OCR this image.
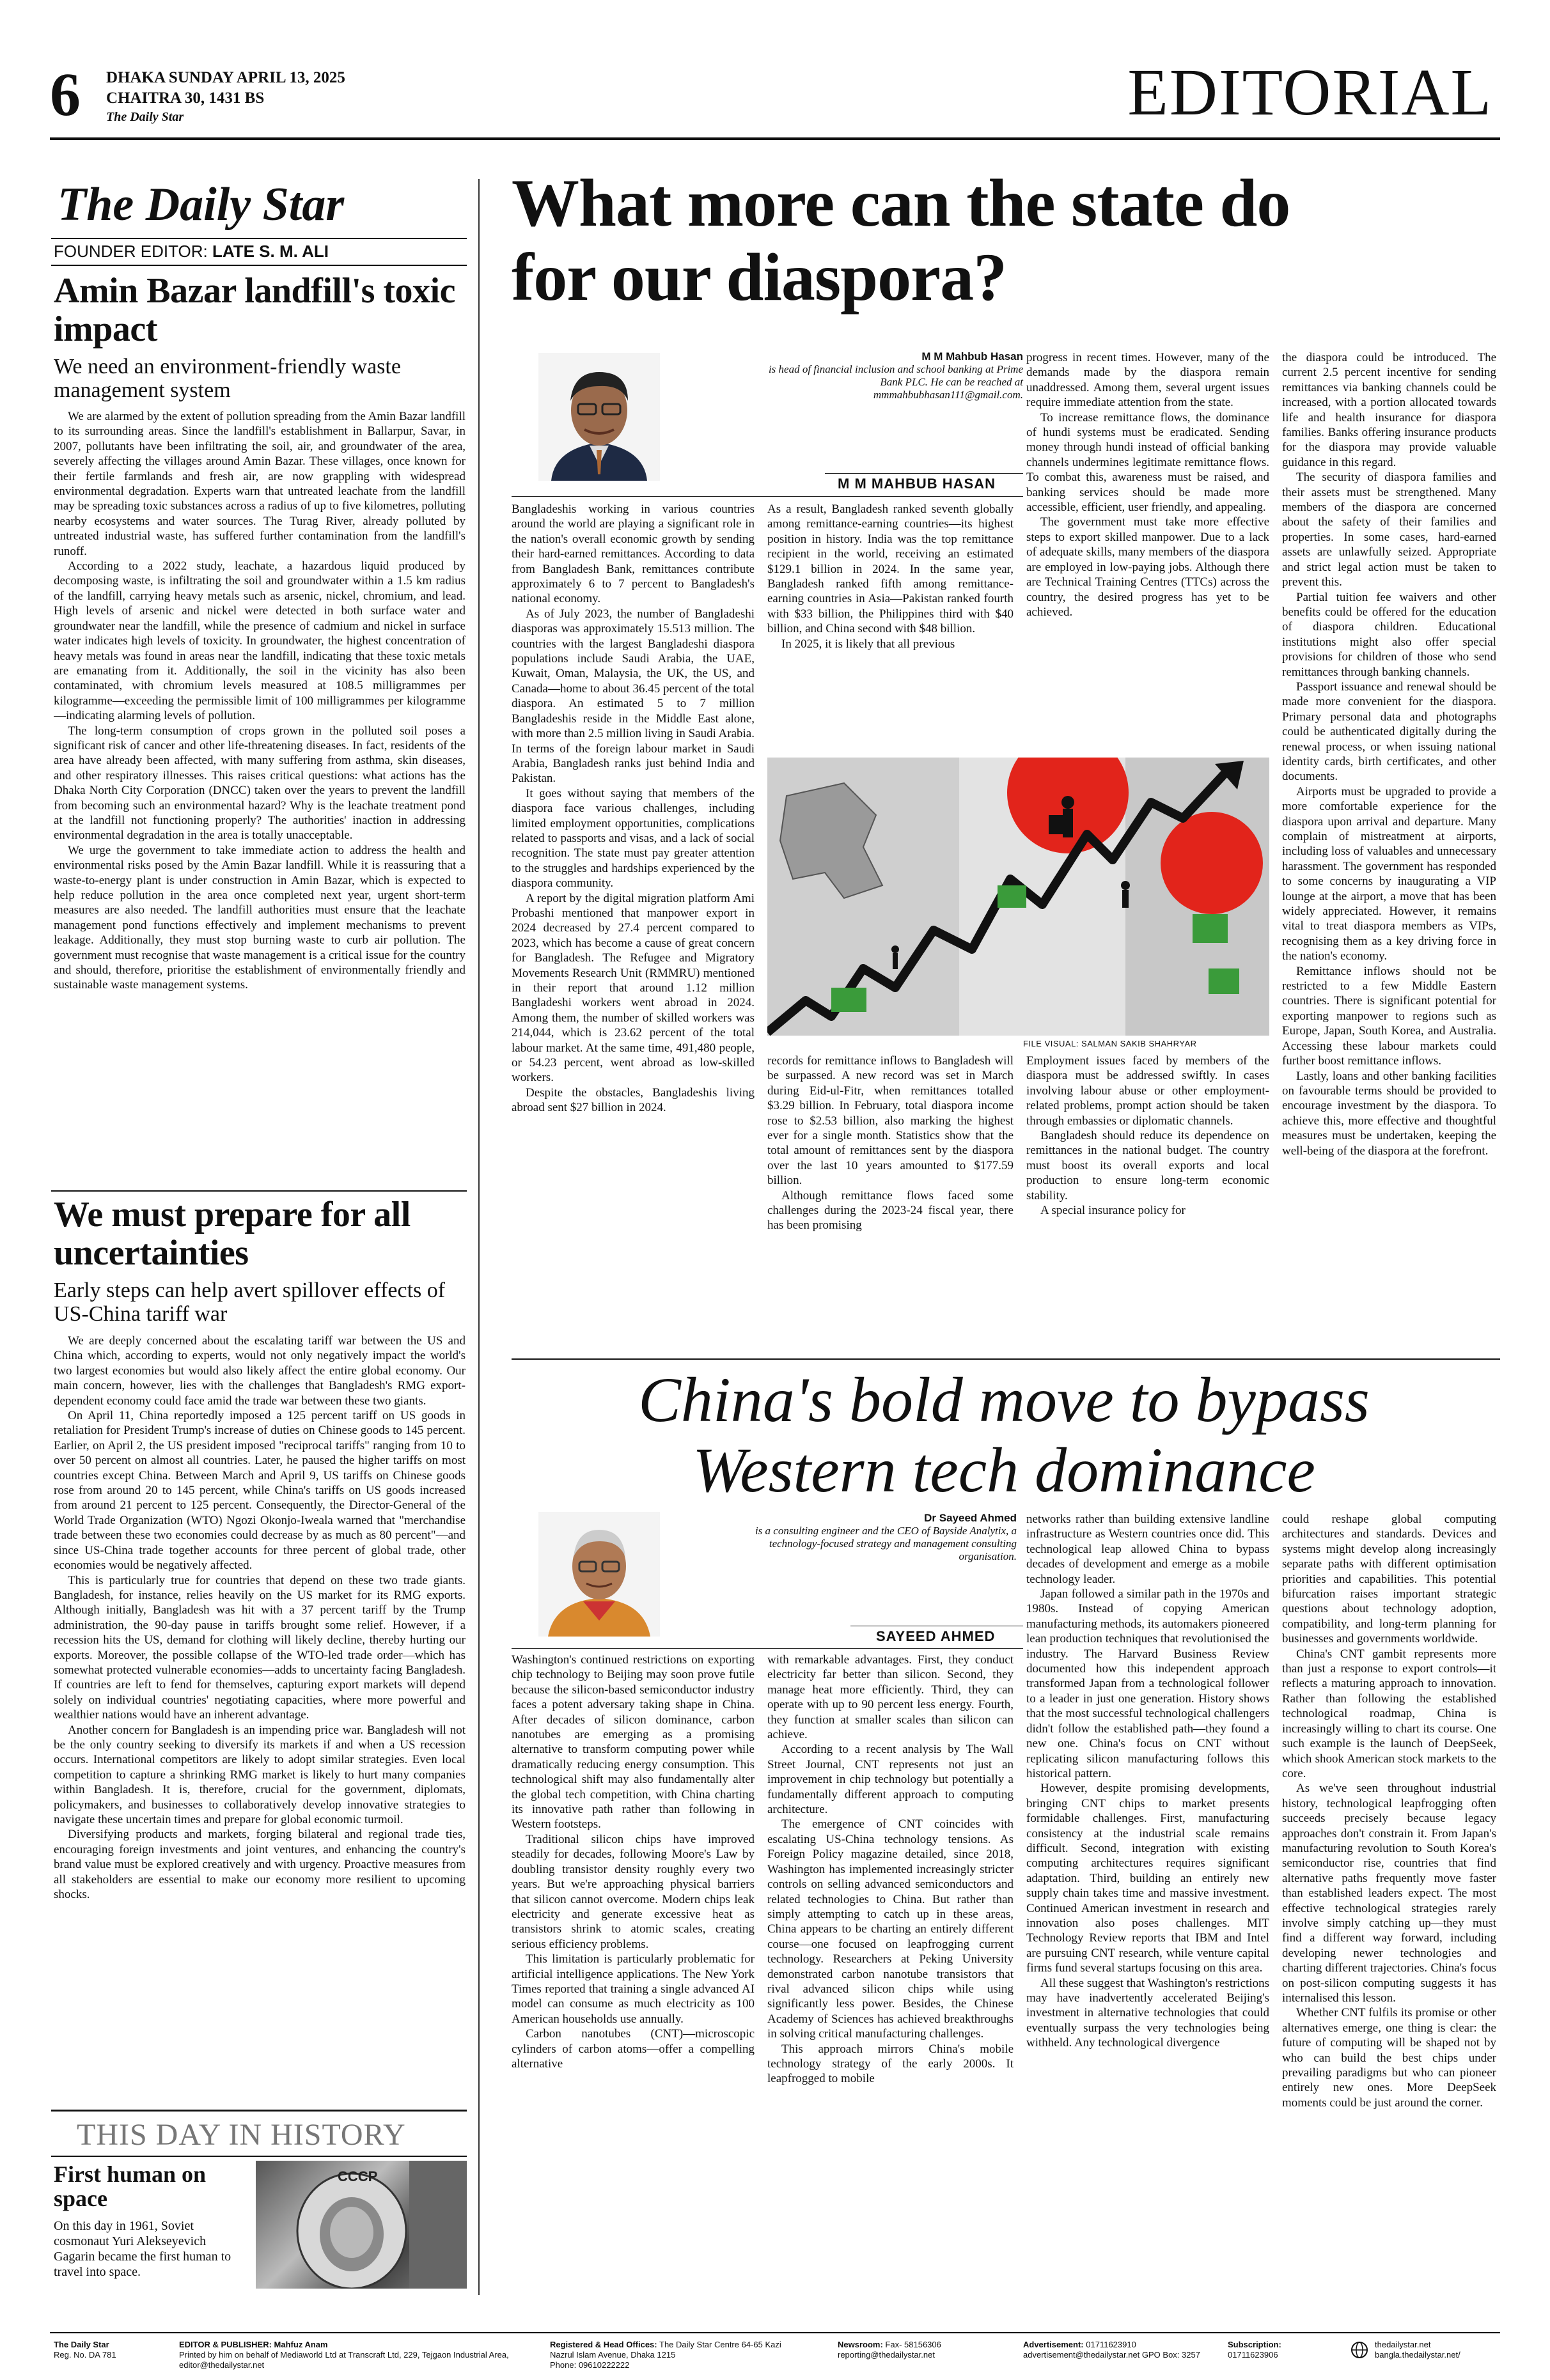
6 DHAKA SUNDAY APRIL 13, 2025
CHAITRA 30, 1431 BS
The Daily Star	EDITORIAL
The Daily Star
FOUNDER EDITOR: LATE S. M. ALI
Amin Bazar landfill's toxic impact
We need an environment-friendly waste management system

We are alarmed by the extent of pollution spreading from the Amin Bazar landfill to its surrounding areas. Since the landfill's establishment in Ballarpur, Savar, in 2007, pollutants have been infiltrating the soil, air, and groundwater of the area, severely affecting the villages around Amin Bazar. These villages, once known for their fertile farmlands and fresh air, are now grappling with widespread environmental degradation. Experts warn that untreated leachate from the landfill may be spreading toxic substances across a radius of up to five kilometres, polluting nearby ecosystems and water sources. The Turag River, already polluted by untreated industrial waste, has suffered further contamination from the landfill's runoff.

According to a 2022 study, leachate, a hazardous liquid produced by decomposing waste, is infiltrating the soil and groundwater within a 1.5 km radius of the landfill, carrying heavy metals such as arsenic, nickel, chromium, and lead. High levels of arsenic and nickel were detected in both surface water and groundwater near the landfill, while the presence of cadmium and nickel in surface water indicates high levels of toxicity. In groundwater, the highest concentration of heavy metals was found in areas near the landfill, indicating that these toxic metals are emanating from it. Additionally, the soil in the vicinity has also been contaminated, with chromium levels measured at 108.5 milligrammes per kilogramme—exceeding the permissible limit of 100 milligrammes per kilogramme—indicating alarming levels of pollution.

The long-term consumption of crops grown in the polluted soil poses a significant risk of cancer and other life-threatening diseases. In fact, residents of the area have already been affected, with many suffering from asthma, skin diseases, and other respiratory illnesses. This raises critical questions: what actions has the Dhaka North City Corporation (DNCC) taken over the years to prevent the landfill from becoming such an environmental hazard? Why is the leachate treatment pond at the landfill not functioning properly? The authorities' inaction in addressing environmental degradation in the area is totally unacceptable.

We urge the government to take immediate action to address the health and environmental risks posed by the Amin Bazar landfill. While it is reassuring that a waste-to-energy plant is under construction in Amin Bazar, which is expected to help reduce pollution in the area once completed next year, urgent short-term measures are also needed. The landfill authorities must ensure that the leachate management pond functions effectively and implement mechanisms to prevent leakage. Additionally, they must stop burning waste to curb air pollution. The government must recognise that waste management is a critical issue for the country and should, therefore, prioritise the establishment of environmentally friendly and sustainable waste management systems.

We must prepare for all uncertainties
Early steps can help avert spillover effects of US-China tariff war

We are deeply concerned about the escalating tariff war between the US and China which, according to experts, would not only negatively impact the world's two largest economies but would also likely affect the entire global economy. Our main concern, however, lies with the challenges that Bangladesh's RMG export-dependent economy could face amid the trade war between these two giants.

On April 11, China reportedly imposed a 125 percent tariff on US goods in retaliation for President Trump's increase of duties on Chinese goods to 145 percent. Earlier, on April 2, the US president imposed "reciprocal tariffs" ranging from 10 to over 50 percent on almost all countries. Later, he paused the higher tariffs on most countries except China. Between March and April 9, US tariffs on Chinese goods rose from around 20 to 145 percent, while China's tariffs on US goods increased from around 21 percent to 125 percent. Consequently, the Director-General of the World Trade Organization (WTO) Ngozi Okonjo-Iweala warned that "merchandise trade between these two economies could decrease by as much as 80 percent"—and since US-China trade together accounts for three percent of global trade, other economies would be negatively affected.

This is particularly true for countries that depend on these two trade giants. Bangladesh, for instance, relies heavily on the US market for its RMG exports. Although initially, Bangladesh was hit with a 37 percent tariff by the Trump administration, the 90-day pause in tariffs brought some relief. However, if a recession hits the US, demand for clothing will likely decline, thereby hurting our exports. Moreover, the possible collapse of the WTO-led trade order—which has somewhat protected vulnerable economies—adds to uncertainty facing Bangladesh. If countries are left to fend for themselves, capturing export markets will depend solely on individual countries' negotiating capacities, where more powerful and wealthier nations would have an inherent advantage.

Another concern for Bangladesh is an impending price war. Bangladesh will not be the only country seeking to diversify its markets if and when a US recession occurs. International competitors are likely to adopt similar strategies. Even local competition to capture a shrinking RMG market is likely to hurt many companies within Bangladesh. It is, therefore, crucial for the government, diplomats, policymakers, and businesses to collaboratively develop innovative strategies to navigate these uncertain times and prepare for global economic turmoil.

Diversifying products and markets, forging bilateral and regional trade ties, encouraging foreign investments and joint ventures, and enhancing the country's brand value must be explored creatively and with urgency. Proactive measures from all stakeholders are essential to make our economy more resilient to upcoming shocks.

THIS DAY IN HISTORY
First human on space
On this day in 1961, Soviet cosmonaut Yuri Alekseyevich Gagarin became the first human to travel into space.
CCCP
What more can the state do for our diaspora?
M M Mahbub Hasan
is head of financial inclusion and school banking at Prime Bank PLC. He can be reached at mmmahbubhasan111@gmail.com.
M M MAHBUB HASAN

Bangladeshis working in various countries around the world are playing a significant role in the nation's overall economic growth by sending their hard-earned remittances. According to data from Bangladesh Bank, remittances contribute approximately 6 to 7 percent to Bangladesh's national economy.

As of July 2023, the number of Bangladeshi diasporas was approximately 15.513 million. The countries with the largest Bangladeshi diaspora populations include Saudi Arabia, the UAE, Kuwait, Oman, Malaysia, the UK, the US, and Canada—home to about 36.45 percent of the total diaspora. An estimated 5 to 7 million Bangladeshis reside in the Middle East alone, with more than 2.5 million living in Saudi Arabia. In terms of the foreign labour market in Saudi Arabia, Bangladesh ranks just behind India and Pakistan.

It goes without saying that members of the diaspora face various challenges, including limited employment opportunities, complications related to passports and visas, and a lack of social recognition. The state must pay greater attention to the struggles and hardships experienced by the diaspora community.

A report by the digital migration platform Ami Probashi mentioned that manpower export in 2024 decreased by 27.4 percent compared to 2023, which has become a cause of great concern for Bangladesh. The Refugee and Migratory Movements Research Unit (RMMRU) mentioned in their report that around 1.12 million Bangladeshi workers went abroad in 2024. Among them, the number of skilled workers was 214,044, which is 23.62 percent of the total labour market. At the same time, 491,480 people, or 54.23 percent, went abroad as low-skilled workers.

Despite the obstacles, Bangladeshis living abroad sent $27 billion in 2024.

As a result, Bangladesh ranked seventh globally among remittance-earning countries—its highest position in history. India was the top remittance recipient in the world, receiving an estimated $129.1 billion in 2024. In the same year, Bangladesh ranked fifth among remittance-earning countries in Asia—Pakistan ranked fourth with $33 billion, the Philippines third with $40 billion, and China second with $48 billion.

In 2025, it is likely that all previous

progress in recent times. However, many of the demands made by the diaspora remain unaddressed. Among them, several urgent issues require immediate attention from the state.

To increase remittance flows, the dominance of hundi systems must be eradicated. Sending money through hundi instead of official banking channels undermines legitimate remittance flows. To combat this, awareness must be raised, and banking services should be made more accessible, efficient, user friendly, and appealing.

The government must take more effective steps to export skilled manpower. Due to a lack of adequate skills, many members of the diaspora are employed in low-paying jobs. Although there are Technical Training Centres (TTCs) across the country, the desired progress has yet to be achieved.

the diaspora could be introduced. The current 2.5 percent incentive for sending remittances via banking channels could be increased, with a portion allocated towards life and health insurance for diaspora families. Banks offering insurance products for the diaspora may provide valuable guidance in this regard.

The security of diaspora families and their assets must be strengthened. Many members of the diaspora are concerned about the safety of their families and properties. In some cases, hard-earned assets are unlawfully seized. Appropriate and strict legal action must be taken to prevent this.

Partial tuition fee waivers and other benefits could be offered for the education of diaspora children. Educational institutions might also offer special provisions for children of those who send remittances through banking channels.

Passport issuance and renewal should be made more convenient for the diaspora. Primary personal data and photographs could be authenticated digitally during the renewal process, or when issuing national identity cards, birth certificates, and other documents.

Airports must be upgraded to provide a more comfortable experience for the diaspora upon arrival and departure. Many complain of mistreatment at airports, including loss of valuables and unnecessary harassment. The government has responded to some concerns by inaugurating a VIP lounge at the airport, a move that has been widely appreciated. However, it remains vital to treat diaspora members as VIPs, recognising them as a key driving force in the nation's economy.

Remittance inflows should not be restricted to a few Middle Eastern countries. There is significant potential for exporting manpower to regions such as Europe, Japan, South Korea, and Australia. Accessing these labour markets could further boost remittance inflows.

Lastly, loans and other banking facilities on favourable terms should be provided to encourage investment by the diaspora. To achieve this, more effective and thoughtful measures must be undertaken, keeping the well-being of the diaspora at the forefront.

FILE VISUAL: SALMAN SAKIB SHAHRYAR

records for remittance inflows to Bangladesh will be surpassed. A new record was set in March during Eid-ul-Fitr, when remittances totalled $3.29 billion. In February, total diaspora income rose to $2.53 billion, also marking the highest ever for a single month. Statistics show that the total amount of remittances sent by the diaspora over the last 10 years amounted to $177.59 billion.

Although remittance flows faced some challenges during the 2023-24 fiscal year, there has been promising

Employment issues faced by members of the diaspora must be addressed swiftly. In cases involving labour abuse or other employment-related problems, prompt action should be taken through embassies or diplomatic channels.

Bangladesh should reduce its dependence on remittances in the national budget. The country must boost its overall exports and local production to ensure long-term economic stability.

A special insurance policy for

China's bold move to bypass Western tech dominance
Dr Sayeed Ahmed
is a consulting engineer and the CEO of Bayside Analytix, a technology-focused strategy and management consulting organisation.
SAYEED AHMED

Washington's continued restrictions on exporting chip technology to Beijing may soon prove futile because the silicon-based semiconductor industry faces a potent adversary taking shape in China. After decades of silicon dominance, carbon nanotubes are emerging as a promising alternative to transform computing power while dramatically reducing energy consumption. This technological shift may also fundamentally alter the global tech competition, with China charting its innovative path rather than following in Western footsteps.

Traditional silicon chips have improved steadily for decades, following Moore's Law by doubling transistor density roughly every two years. But we're approaching physical barriers that silicon cannot overcome. Modern chips leak electricity and generate excessive heat as transistors shrink to atomic scales, creating serious efficiency problems.

This limitation is particularly problematic for artificial intelligence applications. The New York Times reported that training a single advanced AI model can consume as much electricity as 100 American households use annually.

Carbon nanotubes (CNT)—microscopic cylinders of carbon atoms—offer a compelling alternative

with remarkable advantages. First, they conduct electricity far better than silicon. Second, they manage heat more efficiently. Third, they can operate with up to 90 percent less energy. Fourth, they function at smaller scales than silicon can achieve.

According to a recent analysis by The Wall Street Journal, CNT represents not just an improvement in chip technology but potentially a fundamentally different approach to computing architecture.

The emergence of CNT coincides with escalating US-China technology tensions. As Foreign Policy magazine detailed, since 2018, Washington has implemented increasingly stricter controls on selling advanced semiconductors and related technologies to China. But rather than simply attempting to catch up in these areas, China appears to be charting an entirely different course—one focused on leapfrogging current technology. Researchers at Peking University demonstrated carbon nanotube transistors that rival advanced silicon chips while using significantly less power. Besides, the Chinese Academy of Sciences has achieved breakthroughs in solving critical manufacturing challenges.

This approach mirrors China's mobile technology strategy of the early 2000s. It leapfrogged to mobile

networks rather than building extensive landline infrastructure as Western countries once did. This technological leap allowed China to bypass decades of development and emerge as a mobile technology leader.

Japan followed a similar path in the 1970s and 1980s. Instead of copying American manufacturing methods, its automakers pioneered lean production techniques that revolutionised the industry. The Harvard Business Review documented how this independent approach transformed Japan from a technological follower to a leader in just one generation. History shows that the most successful technological challengers didn't follow the established path—they found a new one. China's focus on CNT without replicating silicon manufacturing follows this historical pattern.

However, despite promising developments, bringing CNT chips to market presents formidable challenges. First, manufacturing consistency at the industrial scale remains difficult. Second, integration with existing computing architectures requires significant adaptation. Third, building an entirely new supply chain takes time and massive investment. Continued American investment in research and innovation also poses challenges. MIT Technology Review reports that IBM and Intel are pursuing CNT research, while venture capital firms fund several startups focusing on this area.

All these suggest that Washington's restrictions may have inadvertently accelerated Beijing's investment in alternative technologies that could eventually surpass the very technologies being withheld. Any technological divergence

could reshape global computing architectures and standards. Devices and systems might develop along increasingly separate paths with different optimisation priorities and capabilities. This potential bifurcation raises important strategic questions about technology adoption, compatibility, and long-term planning for businesses and governments worldwide.

China's CNT gambit represents more than just a response to export controls—it reflects a maturing approach to innovation. Rather than following the established technological roadmap, China is increasingly willing to chart its course. One such example is the launch of DeepSeek, which shook American stock markets to the core.

As we've seen throughout industrial history, technological leapfrogging often succeeds precisely because legacy approaches don't constrain it. From Japan's manufacturing revolution to South Korea's semiconductor rise, countries that find alternative paths frequently move faster than established leaders expect. The most effective technological strategies rarely involve simply catching up—they must find a different way forward, including developing newer technologies and charting different trajectories. China's focus on post-silicon computing suggests it has internalised this lesson.

Whether CNT fulfils its promise or other alternatives emerge, one thing is clear: the future of computing will be shaped not by who can build the best chips under prevailing paradigms but who can pioneer entirely new ones. More DeepSeek moments could be just around the corner.

The Daily Star
Reg. No. DA 781
EDITOR & PUBLISHER: Mahfuz Anam
Printed by him on behalf of Mediaworld Ltd at Transcraft Ltd, 229, Tejgaon Industrial Area, editor@thedailystar.net
Registered & Head Offices: The Daily Star Centre 64-65 Kazi Nazrul Islam Avenue, Dhaka 1215
Phone: 09610222222
Newsroom: Fax- 58156306 reporting@thedailystar.net
Advertisement: 01711623910 advertisement@thedailystar.net GPO Box: 3257
Subscription:
01711623906
thedailystar.net
bangla.thedailystar.net/
